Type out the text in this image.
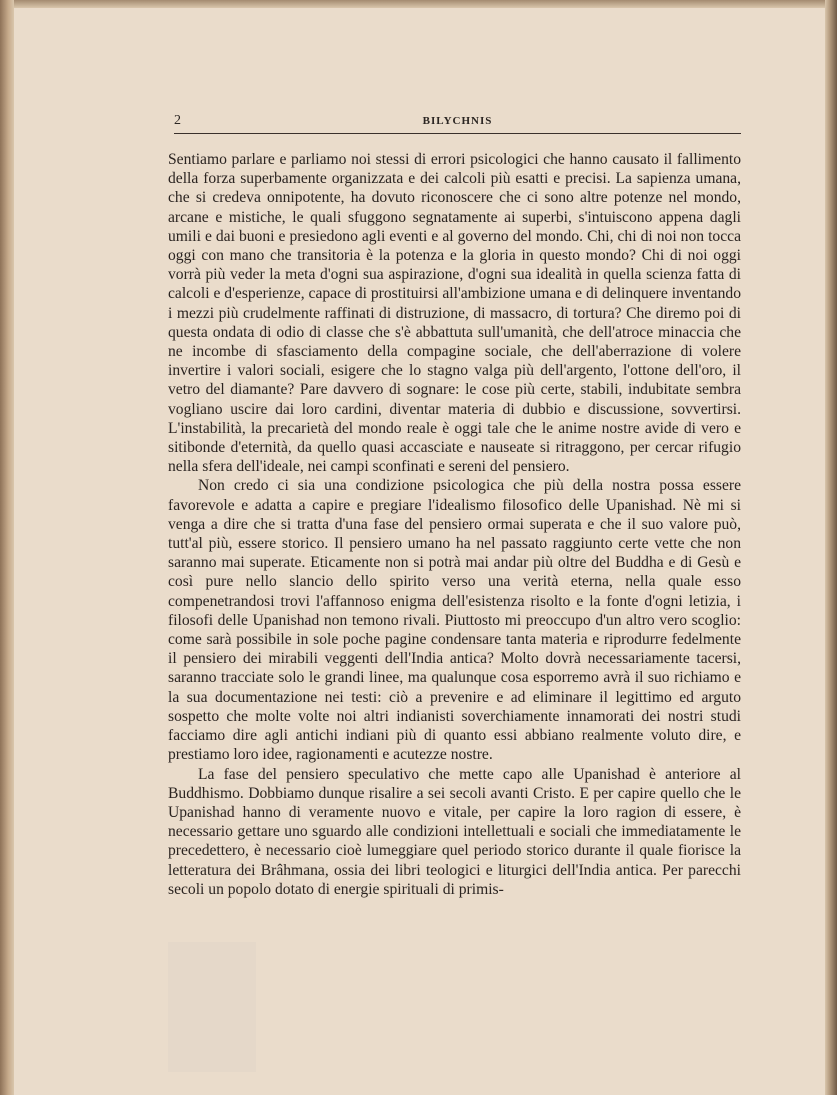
2	BILYCHNIS

Sentiamo parlare e parliamo noi stessi di errori psicologici che hanno causato il fallimento della forza superbamente organizzata e dei calcoli più esatti e precisi. La sapienza umana, che si credeva onnipotente, ha dovuto riconoscere che ci sono altre potenze nel mondo, arcane e mistiche, le quali sfuggono segnatamente ai superbi, s'intuiscono appena dagli umili e dai buoni e presiedono agli eventi e al governo del mondo. Chi, chi di noi non tocca oggi con mano che transitoria è la potenza e la gloria in questo mondo? Chi di noi oggi vorrà più veder la meta d'ogni sua aspirazione, d'ogni sua idealità in quella scienza fatta di calcoli e d'esperienze, capace di prostituirsi all'ambizione umana e di delinquere inventando i mezzi più crudelmente raffinati di distruzione, di massacro, di tortura? Che diremo poi di questa ondata di odio di classe che s'è abbattuta sull'umanità, che dell'atroce minaccia che ne incombe di sfasciamento della compagine sociale, che dell'aberrazione di volere invertire i valori sociali, esigere che lo stagno valga più dell'argento, l'ottone dell'oro, il vetro del diamante? Pare davvero di sognare: le cose più certe, stabili, indubitate sembra vogliano uscire dai loro cardini, diventar materia di dubbio e discussione, sovvertirsi. L'instabilità, la precarietà del mondo reale è oggi tale che le anime nostre avide di vero e sitibonde d'eternità, da quello quasi accasciate e nauseate si ritraggono, per cercar rifugio nella sfera dell'ideale, nei campi sconfinati e sereni del pensiero.

Non credo ci sia una condizione psicologica che più della nostra possa essere favorevole e adatta a capire e pregiare l'idealismo filosofico delle Upanishad. Nè mi si venga a dire che si tratta d'una fase del pensiero ormai superata e che il suo valore può, tutt'al più, essere storico. Il pensiero umano ha nel passato raggiunto certe vette che non saranno mai superate. Eticamente non si potrà mai andar più oltre del Buddha e di Gesù e così pure nello slancio dello spirito verso una verità eterna, nella quale esso compenetrandosi trovi l'affannoso enigma dell'esistenza risolto e la fonte d'ogni letizia, i filosofi delle Upanishad non temono rivali. Piuttosto mi preoccupo d'un altro vero scoglio: come sarà possibile in sole poche pagine condensare tanta materia e riprodurre fedelmente il pensiero dei mirabili veggenti dell'India antica? Molto dovrà necessariamente tacersi, saranno tracciate solo le grandi linee, ma qualunque cosa esporremo avrà il suo richiamo e la sua documentazione nei testi: ciò a prevenire e ad eliminare il legittimo ed arguto sospetto che molte volte noi altri indianisti soverchiamente innamorati dei nostri studi facciamo dire agli antichi indiani più di quanto essi abbiano realmente voluto dire, e prestiamo loro idee, ragionamenti e acutezze nostre.

La fase del pensiero speculativo che mette capo alle Upanishad è anteriore al Buddhismo. Dobbiamo dunque risalire a sei secoli avanti Cristo. E per capire quello che le Upanishad hanno di veramente nuovo e vitale, per capire la loro ragion di essere, è necessario gettare uno sguardo alle condizioni intellettuali e sociali che immediatamente le precedettero, è necessario cioè lumeggiare quel periodo storico durante il quale fiorisce la letteratura dei Brâhmana, ossia dei libri teologici e liturgici dell'India antica. Per parecchi secoli un popolo dotato di energie spirituali di primis-
